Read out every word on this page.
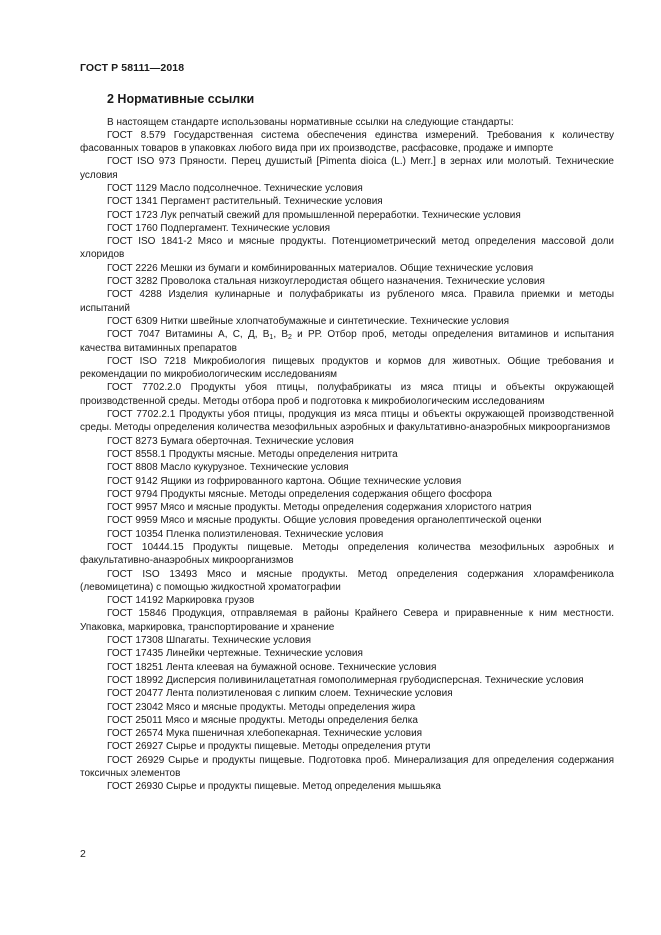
ГОСТ Р 58111—2018
2 Нормативные ссылки

В настоящем стандарте использованы нормативные ссылки на следующие стандарты:

ГОСТ 8.579 Государственная система обеспечения единства измерений. Требования к количеству фасованных товаров в упаковках любого вида при их производстве, расфасовке, продаже и импорте

ГОСТ ISO 973 Пряности. Перец душистый [Pimenta dioica (L.) Merr.] в зернах или молотый. Технические условия

ГОСТ 1129 Масло подсолнечное. Технические условия

ГОСТ 1341 Пергамент растительный. Технические условия

ГОСТ 1723 Лук репчатый свежий для промышленной переработки. Технические условия

ГОСТ 1760 Подпергамент. Технические условия

ГОСТ ISO 1841-2 Мясо и мясные продукты. Потенциометрический метод определения массовой доли хлоридов

ГОСТ 2226 Мешки из бумаги и комбинированных материалов. Общие технические условия

ГОСТ 3282 Проволока стальная низкоуглеродистая общего назначения. Технические условия

ГОСТ 4288 Изделия кулинарные и полуфабрикаты из рубленого мяса. Правила приемки и методы испытаний

ГОСТ 6309 Нитки швейные хлопчатобумажные и синтетические. Технические условия

ГОСТ 7047 Витамины А, С, Д, $В_1$, $В_2$ и РР. Отбор проб, методы определения витаминов и испытания качества витаминных препаратов

ГОСТ ISO 7218 Микробиология пищевых продуктов и кормов для животных. Общие требования и рекомендации по микробиологическим исследованиям

ГОСТ 7702.2.0 Продукты убоя птицы, полуфабрикаты из мяса птицы и объекты окружающей производственной среды. Методы отбора проб и подготовка к микробиологическим исследованиям

ГОСТ 7702.2.1 Продукты убоя птицы, продукция из мяса птицы и объекты окружающей производственной среды. Методы определения количества мезофильных аэробных и факультативно-анаэробных микроорганизмов

ГОСТ 8273 Бумага оберточная. Технические условия

ГОСТ 8558.1 Продукты мясные. Методы определения нитрита

ГОСТ 8808 Масло кукурузное. Технические условия

ГОСТ 9142 Ящики из гофрированного картона. Общие технические условия

ГОСТ 9794 Продукты мясные. Методы определения содержания общего фосфора

ГОСТ 9957 Мясо и мясные продукты. Методы определения содержания хлористого натрия

ГОСТ 9959 Мясо и мясные продукты. Общие условия проведения органолептической оценки

ГОСТ 10354 Пленка полиэтиленовая. Технические условия

ГОСТ 10444.15 Продукты пищевые. Методы определения количества мезофильных аэробных и факультативно-анаэробных микроорганизмов

ГОСТ ISO 13493 Мясо и мясные продукты. Метод определения содержания хлорамфеникола (левомицетина) с помощью жидкостной хроматографии

ГОСТ 14192 Маркировка грузов

ГОСТ 15846 Продукция, отправляемая в районы Крайнего Севера и приравненные к ним местности. Упаковка, маркировка, транспортирование и хранение

ГОСТ 17308 Шпагаты. Технические условия

ГОСТ 17435 Линейки чертежные. Технические условия

ГОСТ 18251 Лента клеевая на бумажной основе. Технические условия

ГОСТ 18992 Дисперсия поливинилацетатная гомополимерная грубодисперсная. Технические условия

ГОСТ 20477 Лента полиэтиленовая с липким слоем. Технические условия

ГОСТ 23042 Мясо и мясные продукты. Методы определения жира

ГОСТ 25011 Мясо и мясные продукты. Методы определения белка

ГОСТ 26574 Мука пшеничная хлебопекарная. Технические условия

ГОСТ 26927 Сырье и продукты пищевые. Методы определения ртути

ГОСТ 26929 Сырье и продукты пищевые. Подготовка проб. Минерализация для определения содержания токсичных элементов

ГОСТ 26930 Сырье и продукты пищевые. Метод определения мышьяка

2
